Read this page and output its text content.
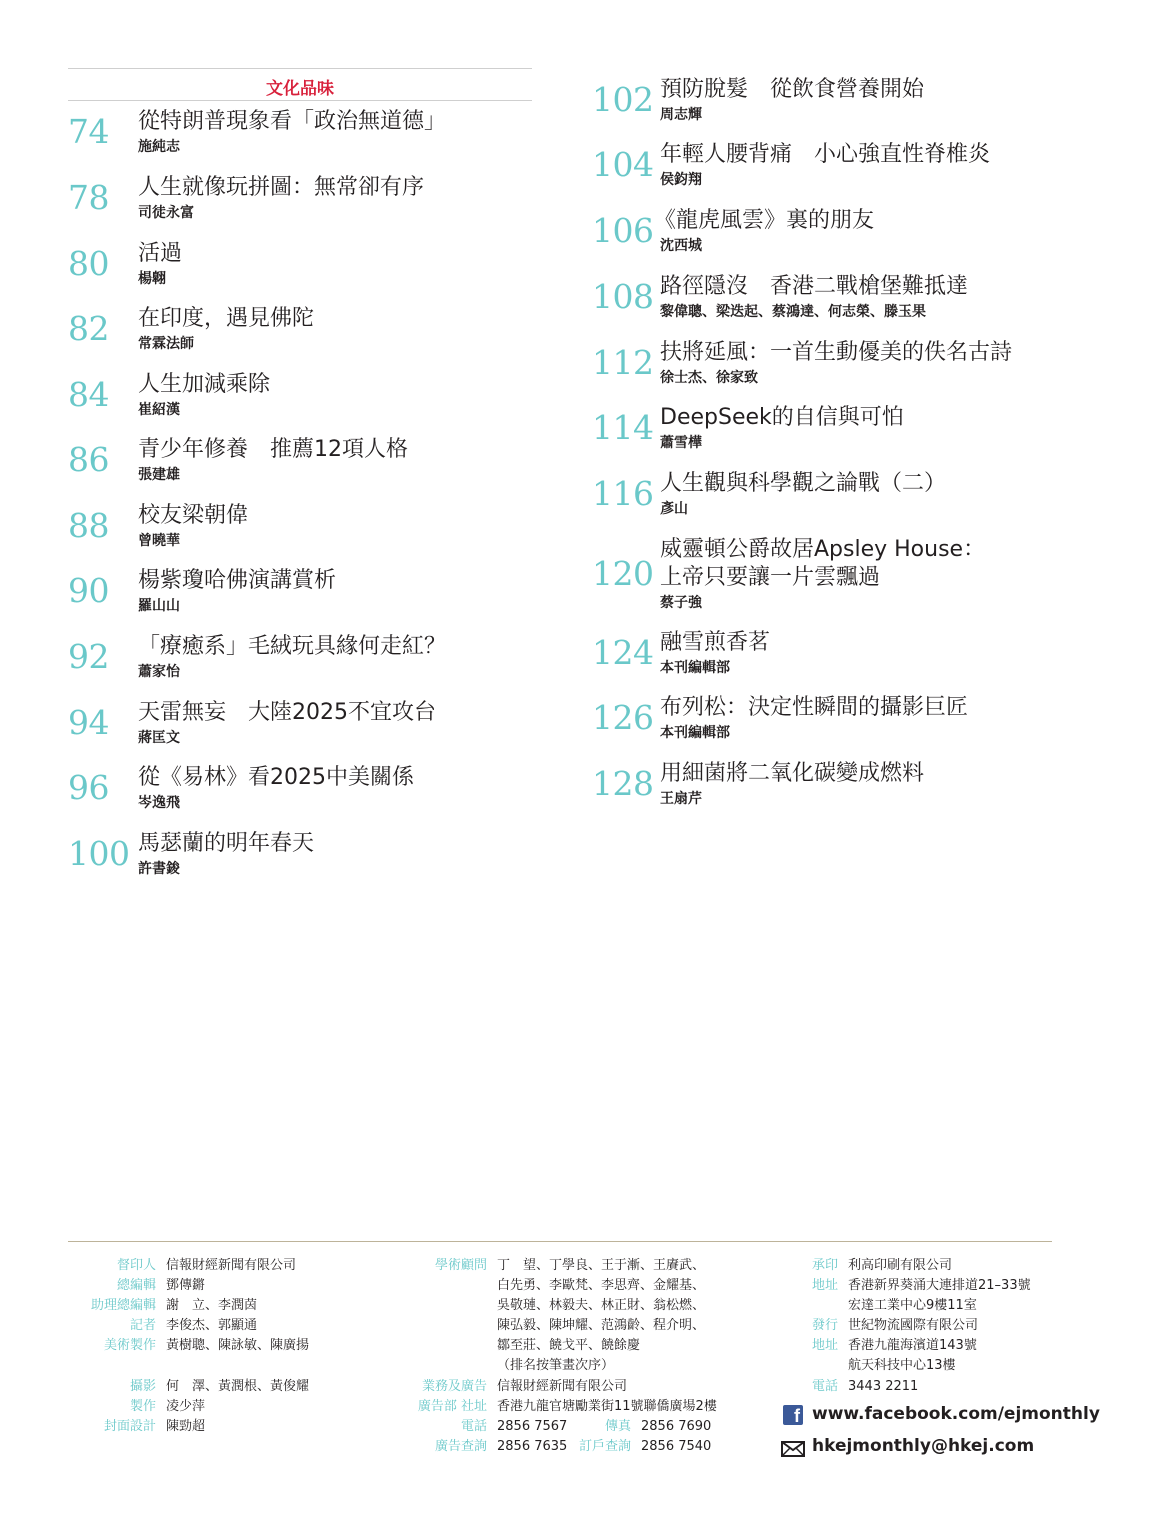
文化品味
74 從特朗普現象看「政治無道德」
施純志
78 人生就像玩拼圖：無常卻有序
司徒永富
80 活過
楊翺
82 在印度，遇見佛陀
常霖法師
84 人生加減乘除
崔紹漢
86 青少年修養　推薦12項人格
張建雄
88 校友梁朝偉
曾曉華
90 楊紫瓊哈佛演講賞析
羅山山
92 「療癒系」毛絨玩具緣何走紅？
蕭家怡
94 天雷無妄　大陸2025不宜攻台
蔣匡文
96 從《易林》看2025中美關係
岑逸飛
100 馬瑟蘭的明年春天
許書鋑
102 預防脫髮　從飲食營養開始
周志輝
104 年輕人腰背痛　小心強直性脊椎炎
侯鈞翔
106 《龍虎風雲》裏的朋友
沈西城
108 路徑隱沒　香港二戰槍堡難抵達
黎偉聰、梁迭起、蔡鴻達、何志榮、滕玉果
112 扶將延風：一首生動優美的佚名古詩
徐士杰、徐家致
114 DeepSeek的自信與可怕
蕭雪樺
116 人生觀與科學觀之論戰（二）
彥山
120
威靈頓公爵故居Apsley House：
上帝只要讓一片雲飄過
蔡子強
124 融雪煎香茗
本刊編輯部
126 布列松：決定性瞬間的攝影巨匠
本刊編輯部
128 用細菌將二氧化碳變成燃料
王扇芹
督印人 信報財經新聞有限公司
總編輯 鄧傳鏘
助理總編輯 謝　立、李潤茵
記者 李俊杰、郭顯通
美術製作 黃樹聰、陳詠敏、陳廣揚
攝影 何　澤、黃潤根、黃俊耀
製作 凌少萍
封面設計 陳勁超
學術顧問 丁　望、丁學良、王于漸、王賡武、
白先勇、李歐梵、李思齊、金耀基、
吳敬璉、林毅夫、林正財、翁松燃、
陳弘毅、陳坤耀、范鴻齡、程介明、
鄒至莊、饒戈平、饒餘慶
（排名按筆畫次序）
業務及廣告 信報財經新聞有限公司
廣告部 社址 香港九龍官塘勵業街11號聯僑廣場2樓
電話 2856 7567	傳真 2856 7690
廣告查詢 2856 7635 訂戶查詢 2856 7540
承印 利高印刷有限公司
地址 香港新界葵涌大連排道21–33號
宏達工業中心9樓11室
發行 世紀物流國際有限公司
地址 香港九龍海濱道143號
航天科技中心13樓
電話 3443 2211
f www.facebook.com/ejmonthly
hkejmonthly@hkej.com
